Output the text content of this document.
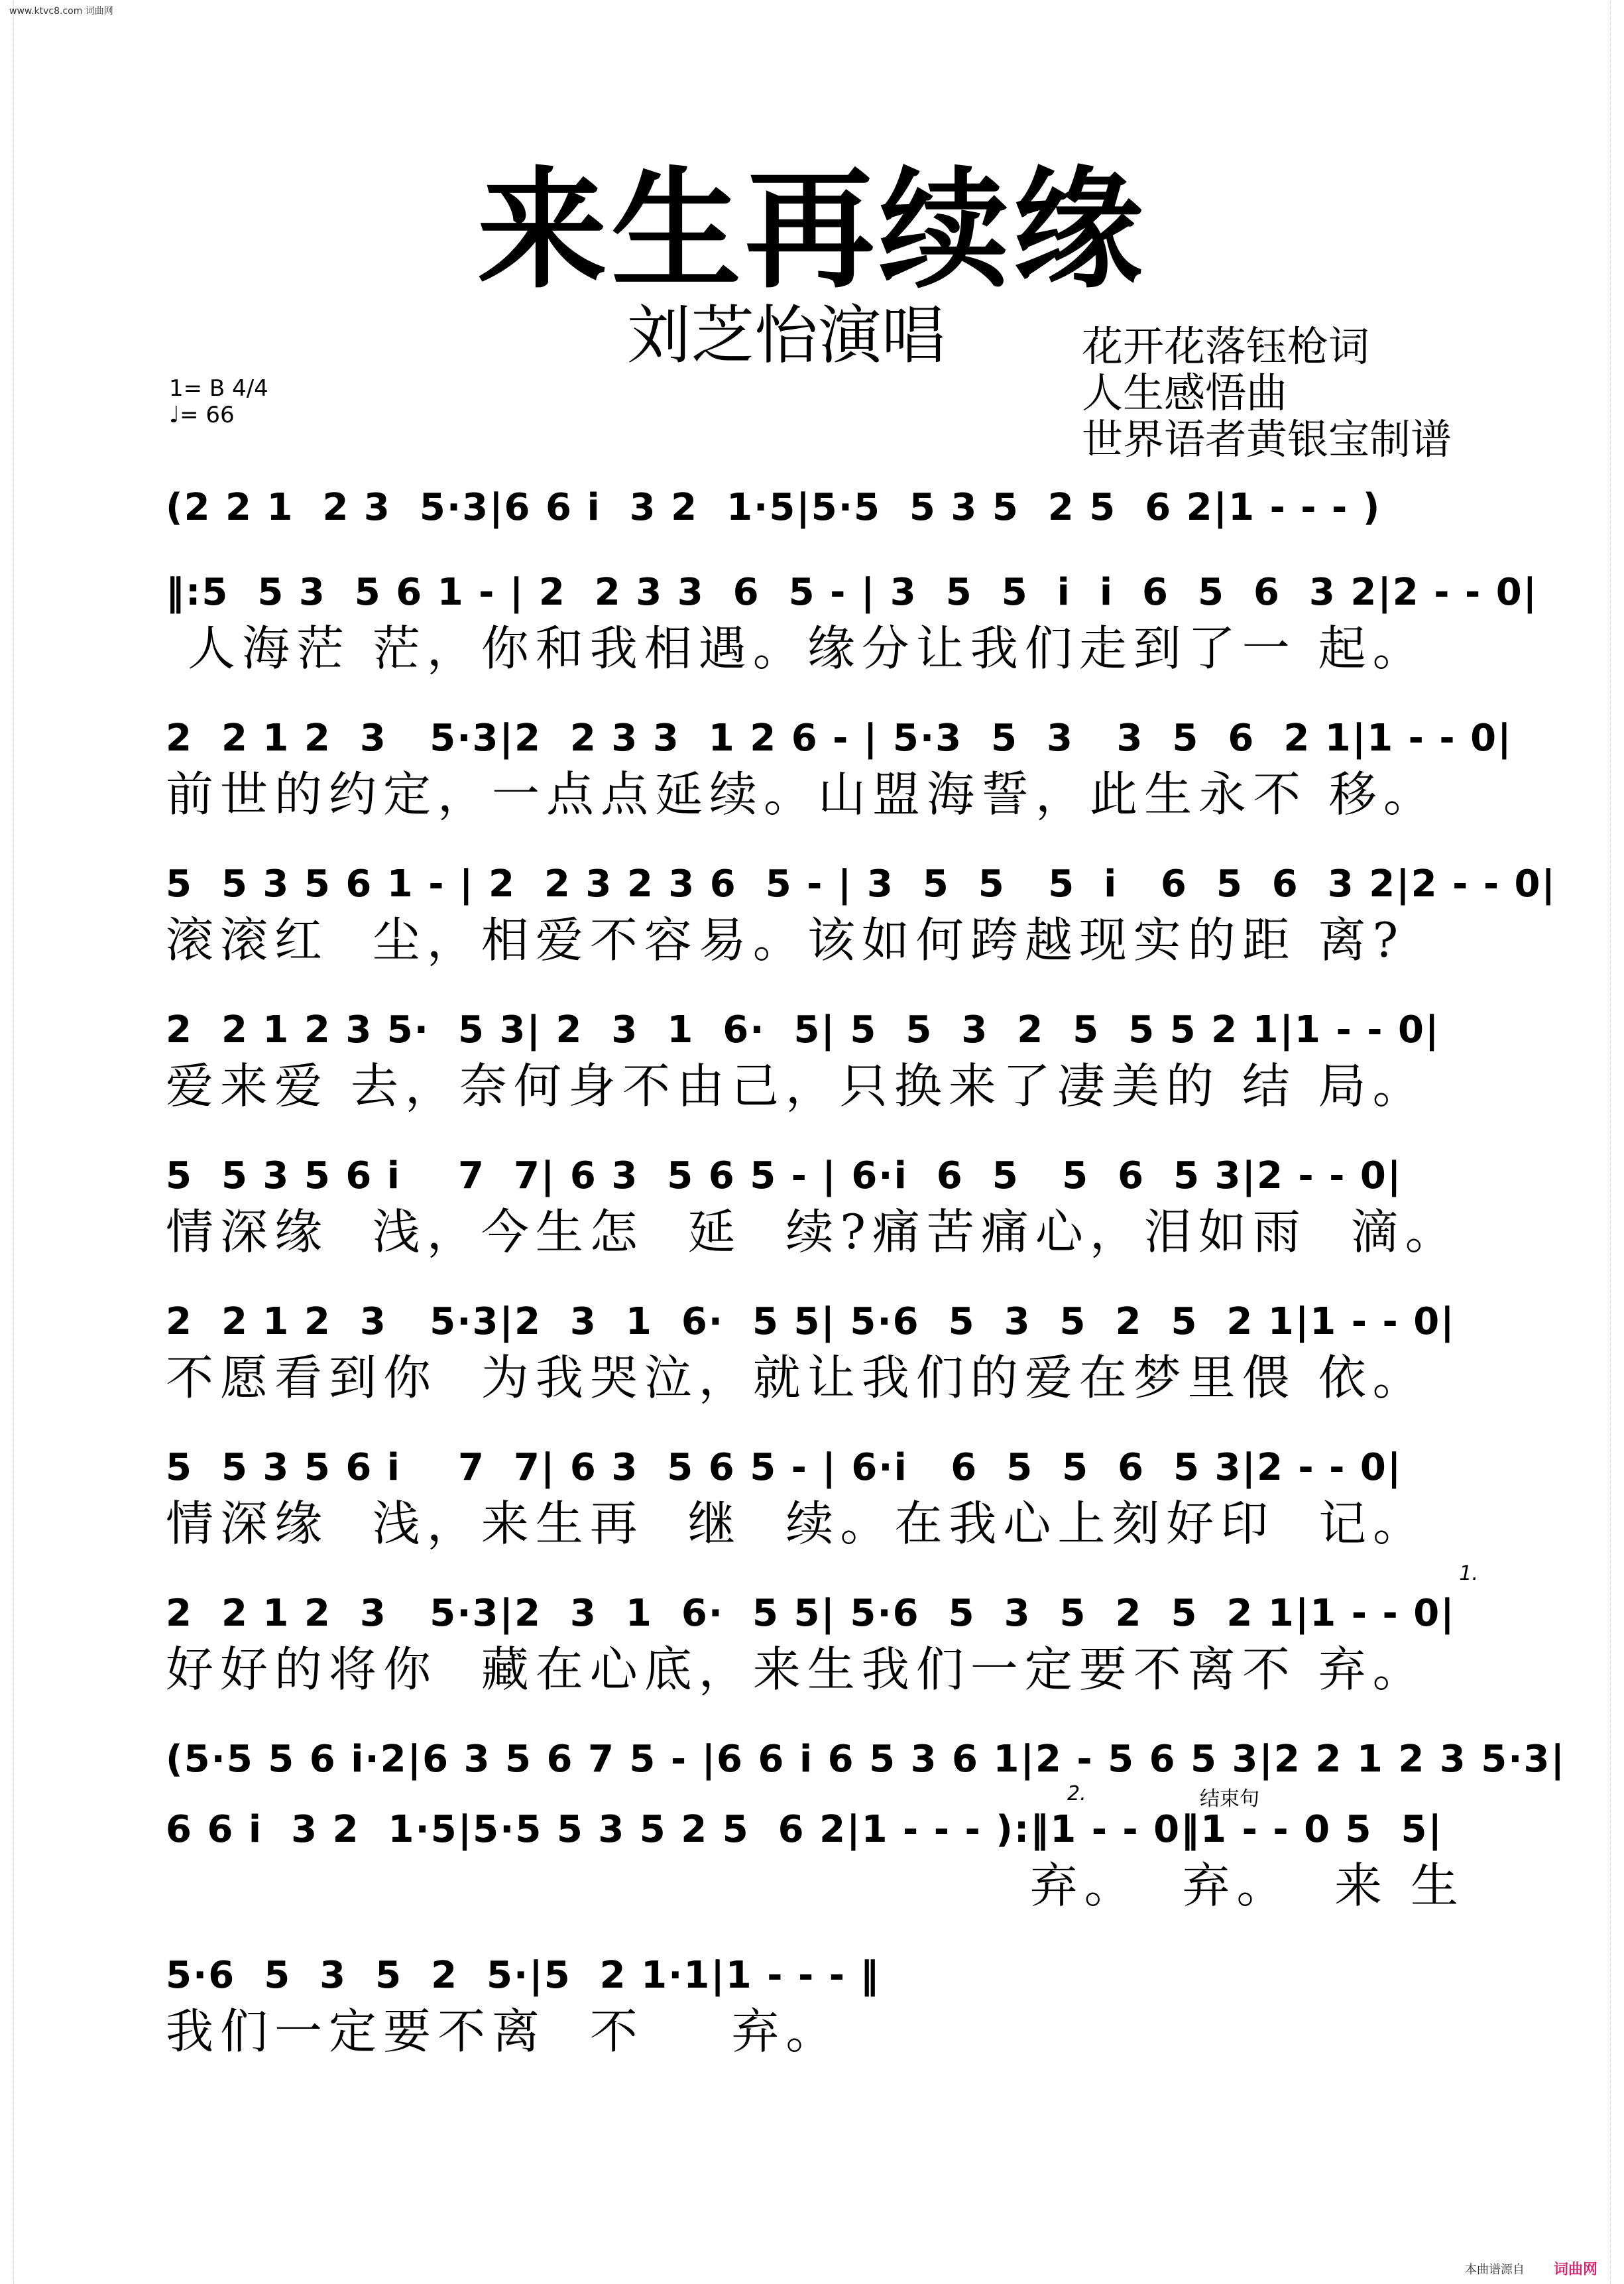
www.ktvc8.com 词曲网
来生再续缘
刘芝怡演唱	花开花落钰枪词
人生感悟曲
世界语者黄银宝制谱
1= B 4/4
♩= 66
(2 2 1  2 3  5·3|6 6 i  3 2  1·5|5·5  5 3 5  2 5  6 2|1 - - - )
‖:5  5 3  5 6 1 - | 2  2 3 3  6  5 - | 3  5  5  i  i  6  5  6  3 2|2 - - 0|
人海茫 茫，你和我相遇。缘分让我们走到了一 起。
2  2 1 2  3   5·3|2  2 3 3  1 2 6 - | 5·3  5  3   3  5  6  2 1|1 - - 0|
前世的约定，一点点延续。山盟海誓，此生永不 移。
5  5 3 5 6 1 - | 2  2 3 2 3 6  5 - | 3  5  5   5  i   6  5  6  3 2|2 - - 0|
滚滚红  尘，相爱不容易。该如何跨越现实的距 离?
2  2 1 2 3 5·  5 3| 2  3  1  6·  5| 5  5  3  2  5  5 5 2 1|1 - - 0|
爱来爱 去，奈何身不由己，只换来了凄美的 结 局。
5  5 3 5 6 i    7  7| 6 3  5 6 5 - | 6·i  6  5   5  6  5 3|2 - - 0|
情深缘  浅，今生怎  延  续?痛苦痛心，泪如雨  滴。
2  2 1 2  3   5·3|2  3  1  6·  5 5| 5·6  5  3  5  2  5  2 1|1 - - 0|
不愿看到你  为我哭泣，就让我们的爱在梦里偎 依。
5  5 3 5 6 i    7  7| 6 3  5 6 5 - | 6·i   6  5  5  6  5 3|2 - - 0|
情深缘  浅，来生再  继  续。在我心上刻好印  记。
1.
2  2 1 2  3   5·3|2  3  1  6·  5 5| 5·6  5  3  5  2  5  2 1|1 - - 0|
好好的将你  藏在心底，来生我们一定要不离不 弃。
(5·5 5 6 i·2|6 3 5 6 7 5 - |6 6 i 6 5 3 6 1|2 - 5 6 5 3|2 2 1 2 3 5·3|
2.	结束句
6 6 i  3 2  1·5|5·5 5 3 5 2 5  6 2|1 - - - ):‖1 - - 0‖1 - - 0 5  5|
弃。  弃。  来 生
5·6  5  3  5  2  5·|5  2 1·1|1 - - - ‖
我们一定要不离  不    弃。
本曲谱源自 词曲网
